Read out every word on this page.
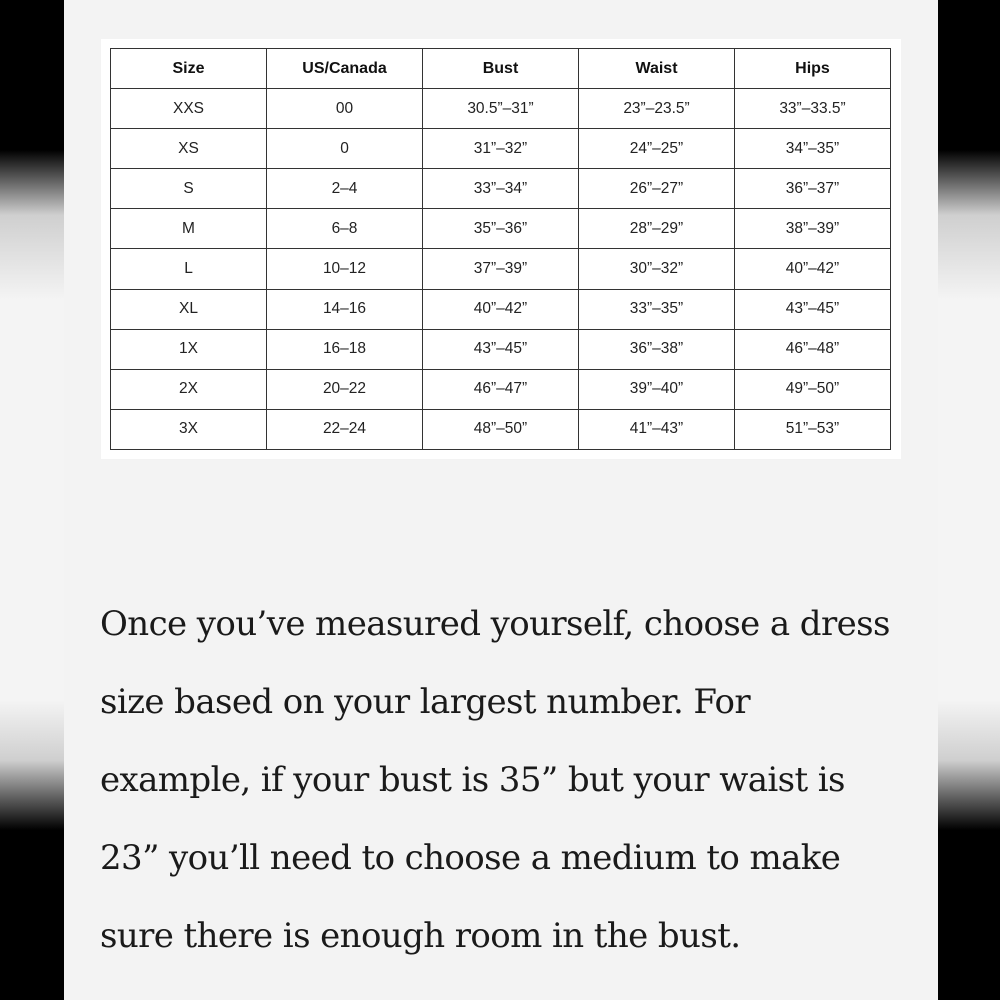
Size	US/Canada	Bust	Waist	Hips
XXS	00	30.5”–31”	23”–23.5”	33”–33.5”
XS	0	31”–32”	24”–25”	34”–35”
S	2–4	33”–34”	26”–27”	36”–37”
M	6–8	35”–36”	28”–29”	38”–39”
L	10–12	37”–39”	30”–32”	40”–42”
XL	14–16	40”–42”	33”–35”	43”–45”
1X	16–18	43”–45”	36”–38”	46”–48”
2X	20–22	46”–47”	39”–40”	49”–50”
3X	22–24	48”–50”	41”–43”	51”–53”

Once you’ve measured yourself, choose a dress size based on your largest number. For example, if your bust is 35” but your waist is 23” you’ll need to choose a medium to make sure there is enough room in the bust.
